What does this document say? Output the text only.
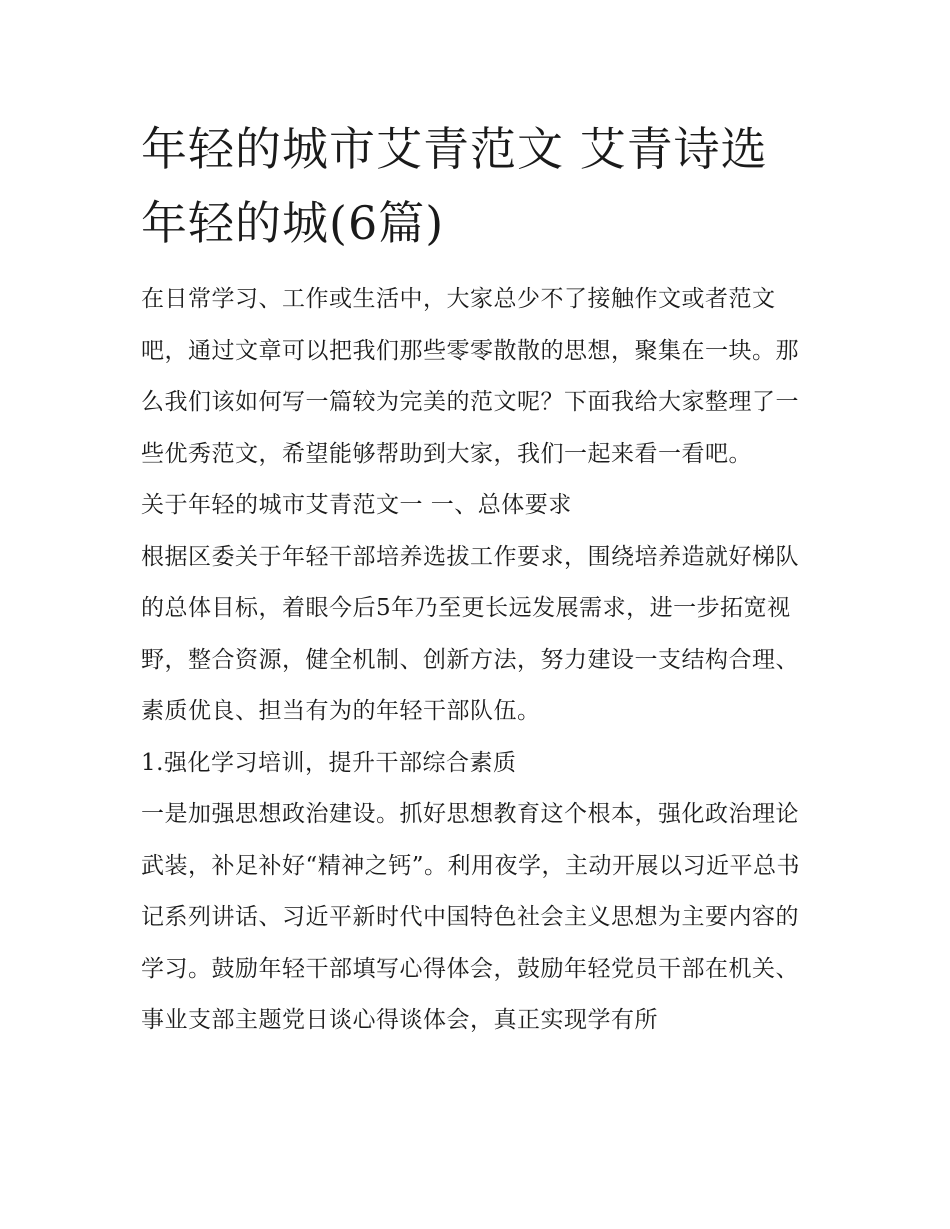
年轻的城市艾青范文 艾青诗选
年轻的城(6篇)

在日常学习、工作或生活中，大家总少不了接触作文或者范文吧，通过文章可以把我们那些零零散散的思想，聚集在一块。那么我们该如何写一篇较为完美的范文呢？下面我给大家整理了一些优秀范文，希望能够帮助到大家，我们一起来看一看吧。

关于年轻的城市艾青范文一 一、总体要求

根据区委关于年轻干部培养选拔工作要求，围绕培养造就好梯队的总体目标，着眼今后5年乃至更长远发展需求，进一步拓宽视野，整合资源，健全机制、创新方法，努力建设一支结构合理、素质优良、担当有为的年轻干部队伍。

1.强化学习培训，提升干部综合素质

一是加强思想政治建设。抓好思想教育这个根本，强化政治理论武装，补足补好“精神之钙”。利用夜学，主动开展以习近平总书记系列讲话、习近平新时代中国特色社会主义思想为主要内容的学习。鼓励年轻干部填写心得体会，鼓励年轻党员干部在机关、事业支部主题党日谈心得谈体会，真正实现学有所
